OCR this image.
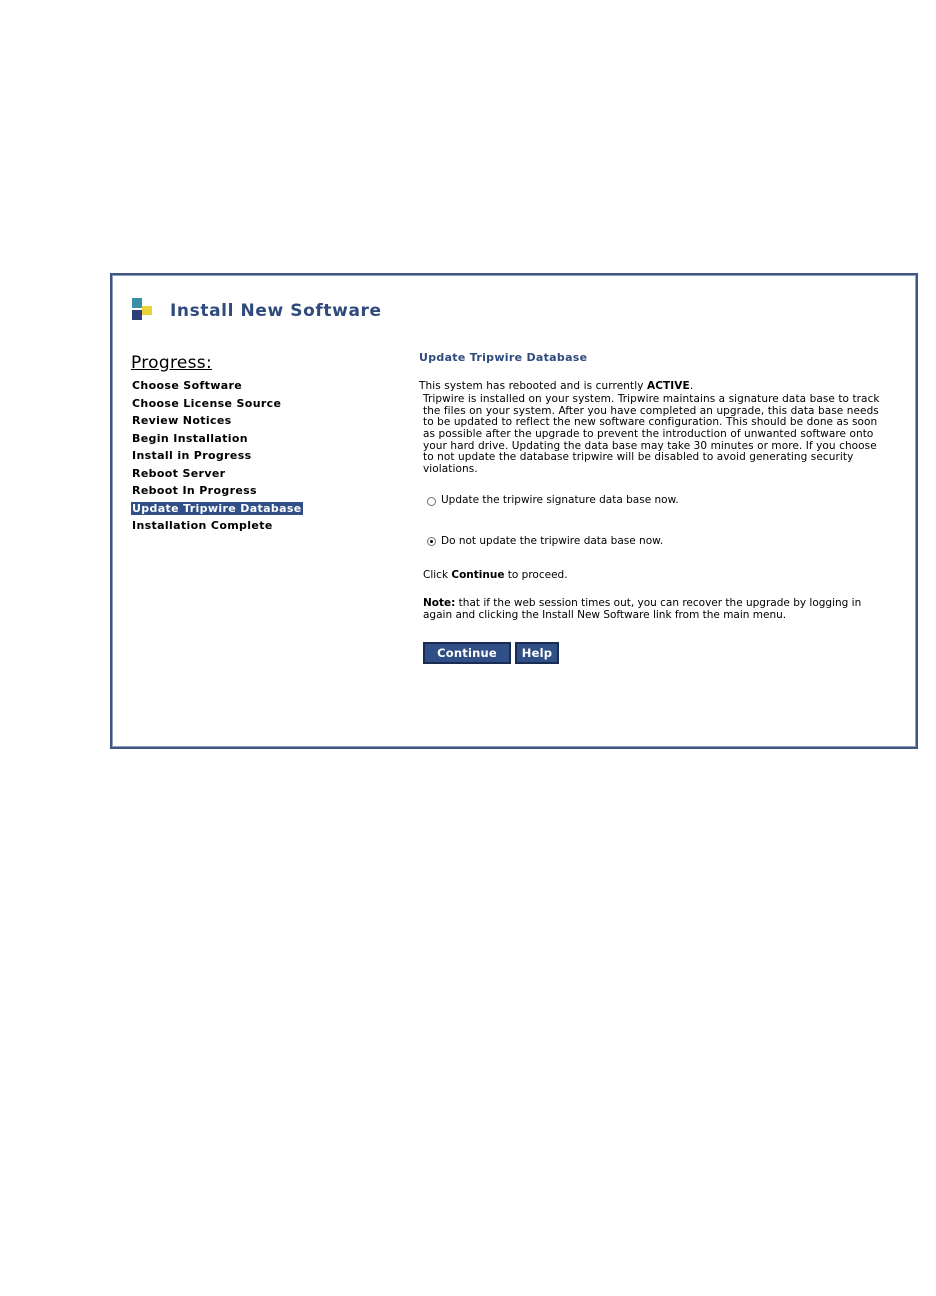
Install New Software
Progress:
Choose Software
Choose License Source
Review Notices
Begin Installation
Install in Progress
Reboot Server
Reboot In Progress
Update Tripwire Database
Installation Complete
Update Tripwire Database
This system has rebooted and is currently ACTIVE.
Tripwire is installed on your system. Tripwire maintains a signature data base to track the files on your system. After you have completed an upgrade, this data base needs to be updated to reflect the new software configuration. This should be done as soon as possible after the upgrade to prevent the introduction of unwanted software onto your hard drive. Updating the data base may take 30 minutes or more. If you choose to not update the database tripwire will be disabled to avoid generating security violations.
Update the tripwire signature data base now.
Do not update the tripwire data base now.
Click Continue to proceed.
Note: that if the web session times out, you can recover the upgrade by logging in again and clicking the Install New Software link from the main menu.
Continue	Help
